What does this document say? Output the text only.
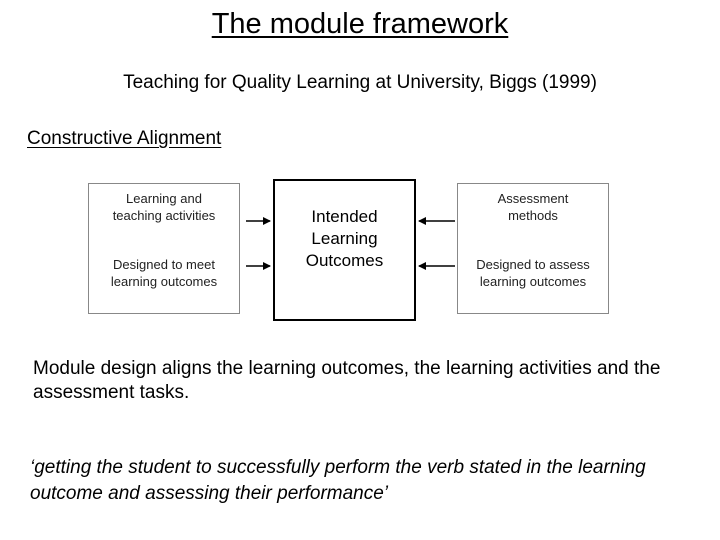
The module framework
Teaching for Quality Learning at University, Biggs (1999)
Constructive Alignment
Learning and teaching activities
Designed to meet learning outcomes
Intended
Learning
Outcomes
Assessment methods
Designed to assess learning outcomes
Module design aligns the learning outcomes, the learning activities and the assessment tasks.
‘getting the student to successfully perform the verb stated in the learning outcome and assessing their performance’
